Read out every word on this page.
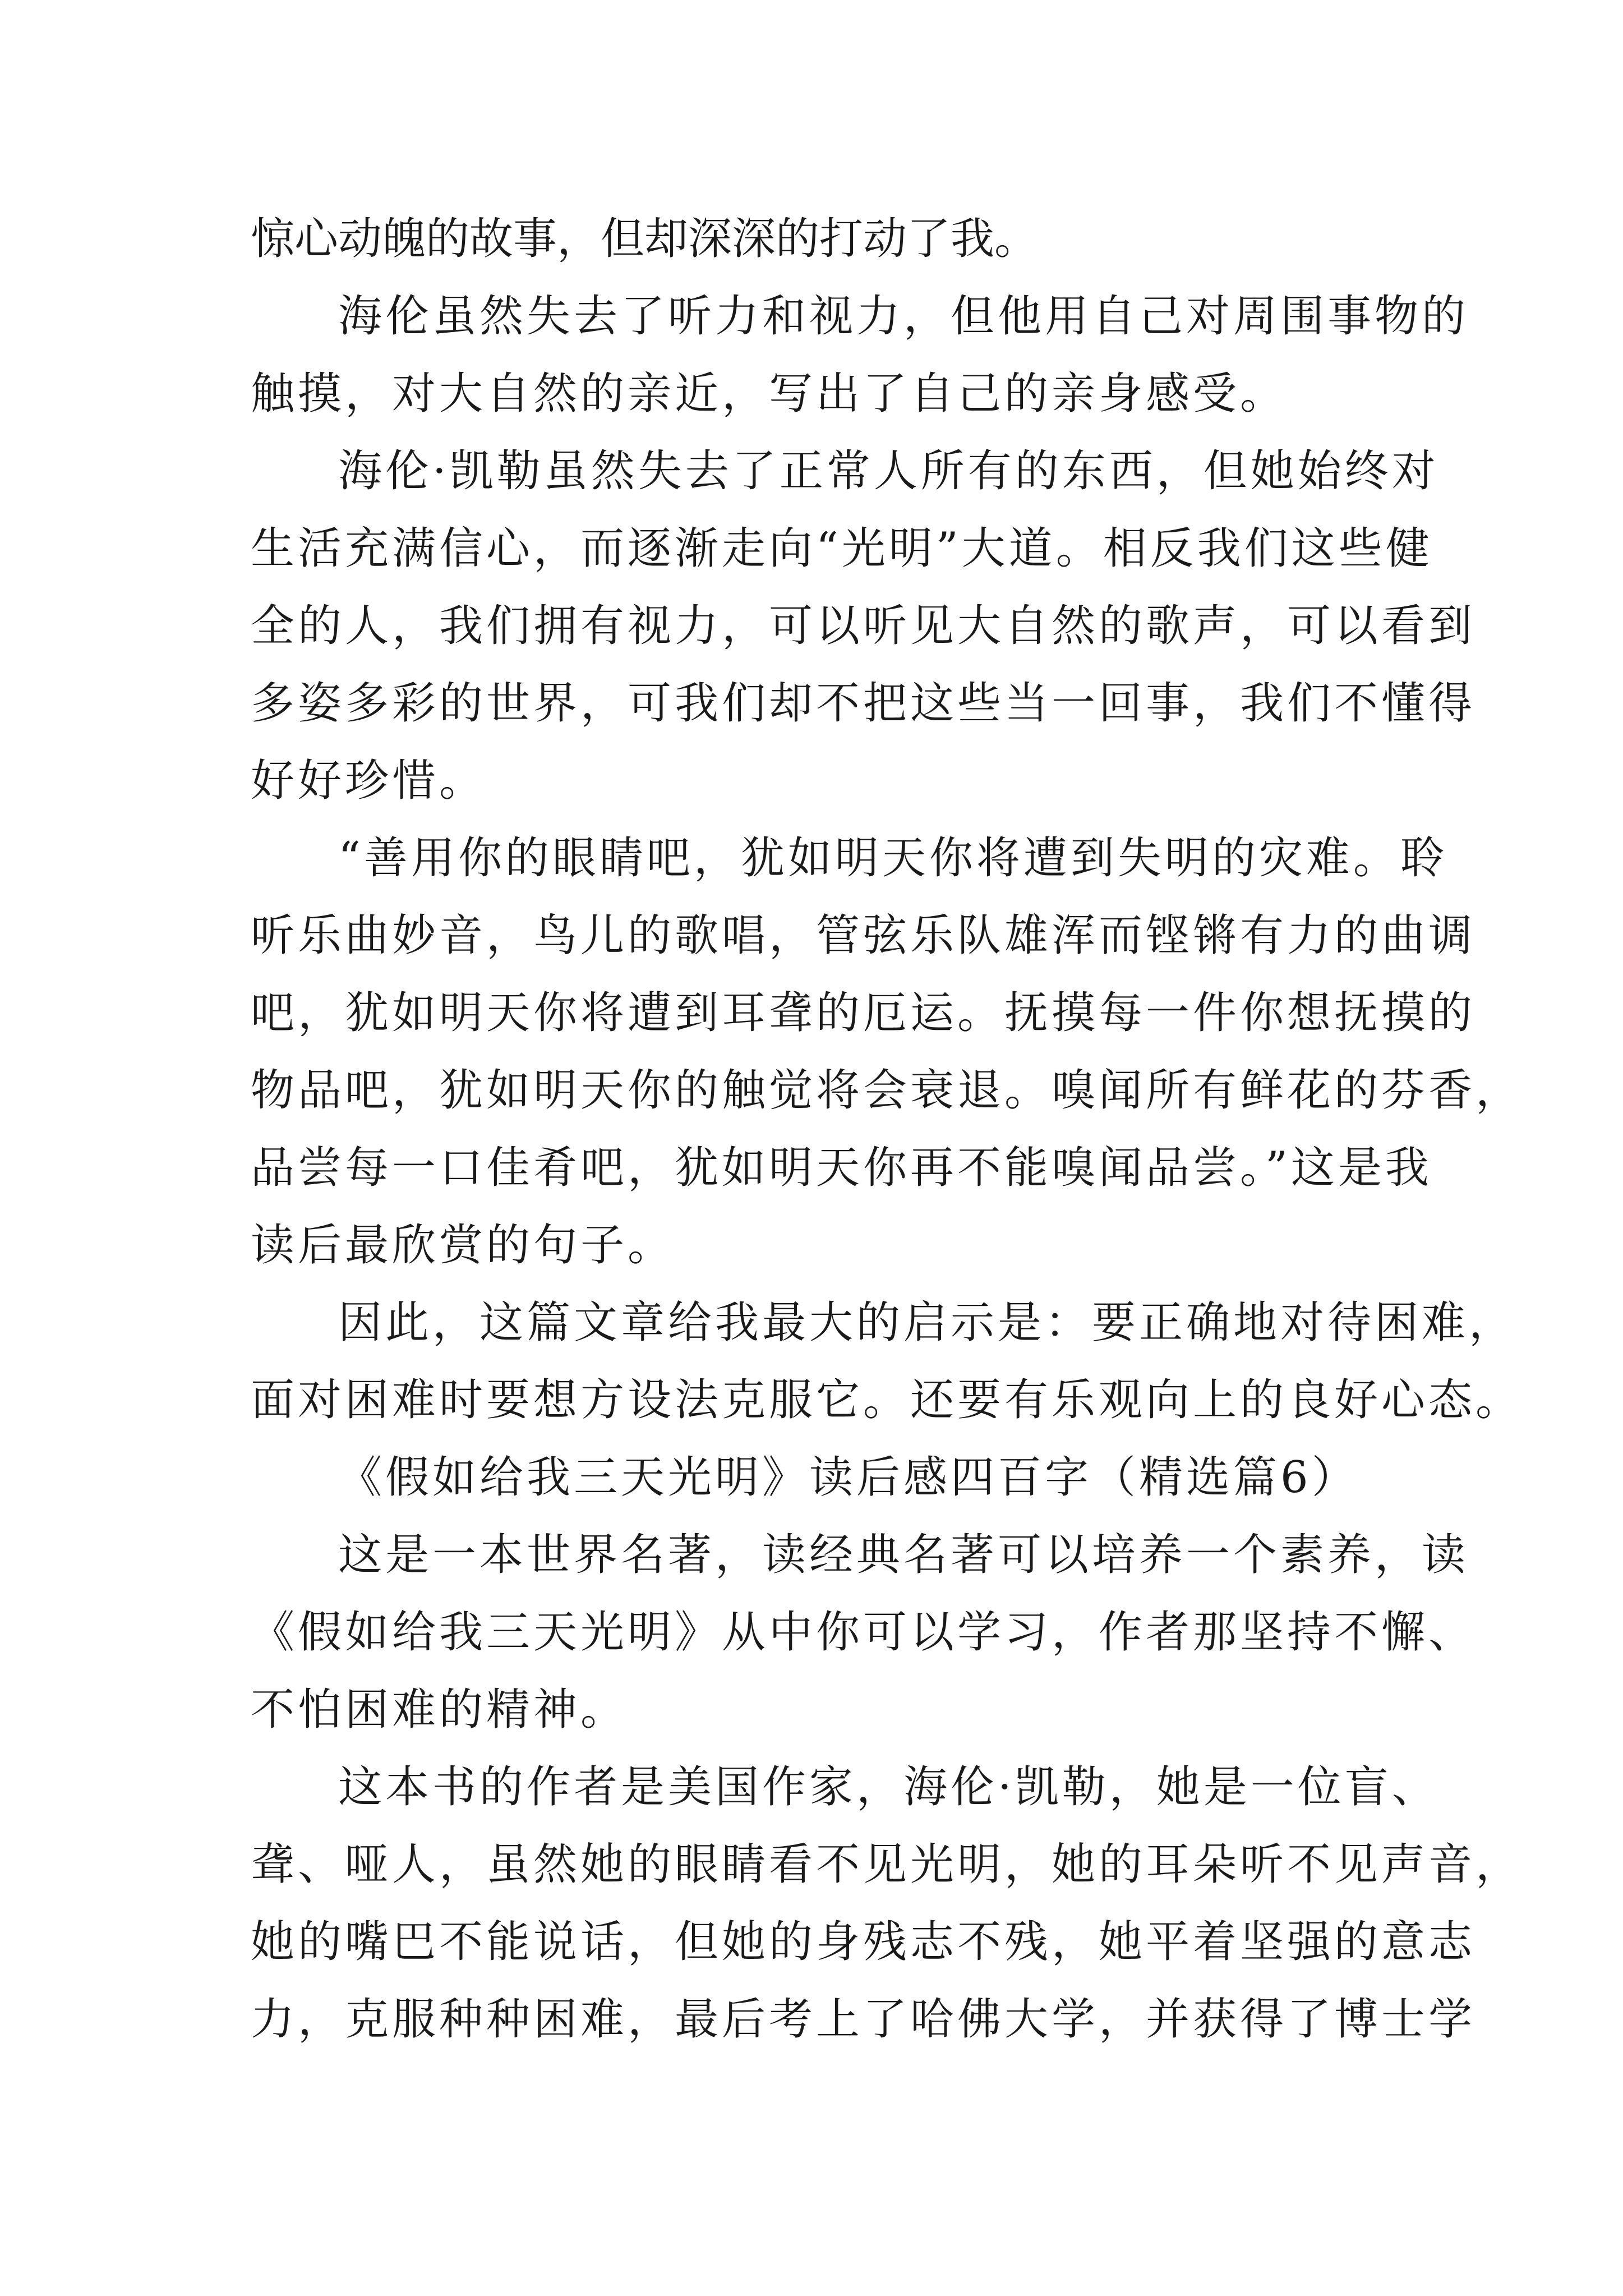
惊心动魄的故事，但却深深的打动了我。
海伦虽然失去了听力和视力，但他用自己对周围事物的
触摸，对大自然的亲近，写出了自己的亲身感受。
海伦·凯勒虽然失去了正常人所有的东西，但她始终对
生活充满信心，而逐渐走向“光明”大道。相反我们这些健
全的人，我们拥有视力，可以听见大自然的歌声，可以看到
多姿多彩的世界，可我们却不把这些当一回事，我们不懂得
好好珍惜。
“善用你的眼睛吧，犹如明天你将遭到失明的灾难。聆
听乐曲妙音，鸟儿的歌唱，管弦乐队雄浑而铿锵有力的曲调
吧，犹如明天你将遭到耳聋的厄运。抚摸每一件你想抚摸的
物品吧，犹如明天你的触觉将会衰退。嗅闻所有鲜花的芬香，
品尝每一口佳肴吧，犹如明天你再不能嗅闻品尝。”这是我
读后最欣赏的句子。
因此，这篇文章给我最大的启示是：要正确地对待困难，
面对困难时要想方设法克服它。还要有乐观向上的良好心态。
《假如给我三天光明》读后感四百字（精选篇6）
这是一本世界名著，读经典名著可以培养一个素养，读
《假如给我三天光明》从中你可以学习，作者那坚持不懈、
不怕困难的精神。
这本书的作者是美国作家，海伦·凯勒，她是一位盲、
聋、哑人，虽然她的眼睛看不见光明，她的耳朵听不见声音，
她的嘴巴不能说话，但她的身残志不残，她平着坚强的意志
力，克服种种困难，最后考上了哈佛大学，并获得了博士学
